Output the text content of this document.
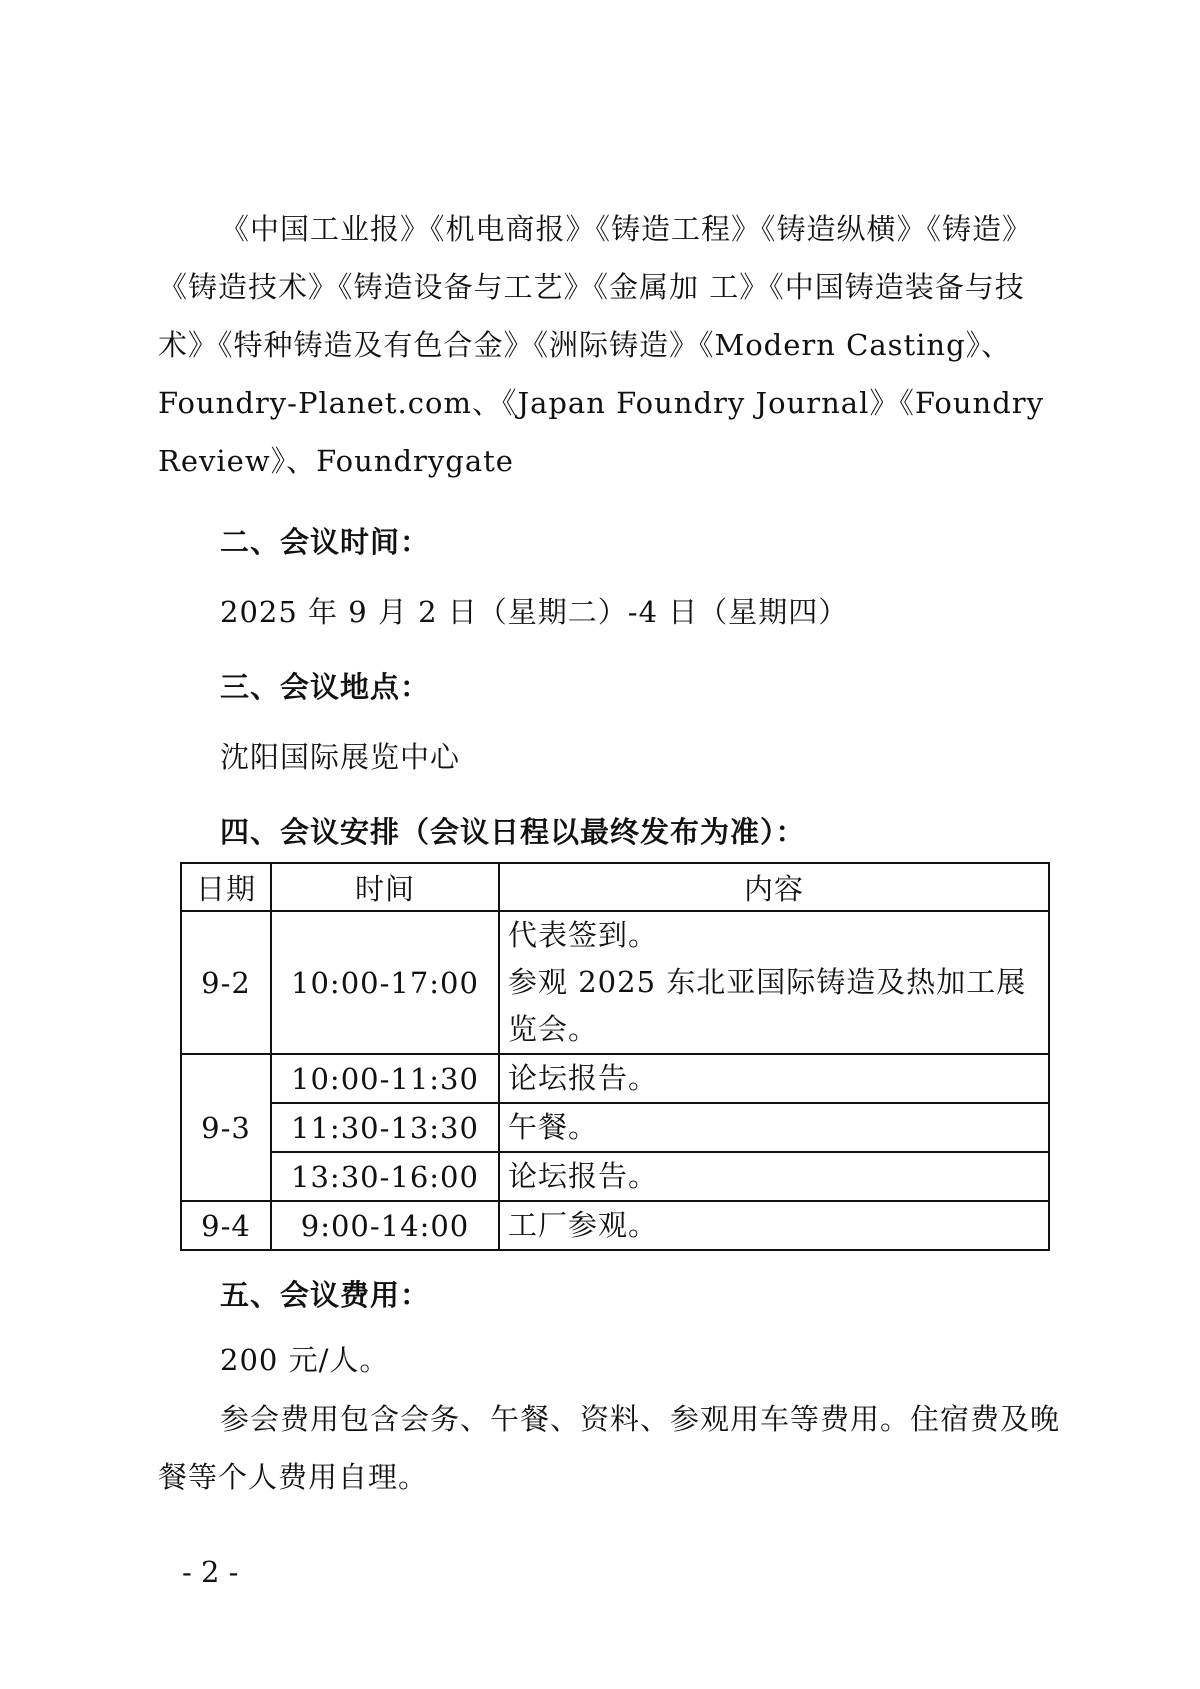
《中国工业报》《机电商报》《铸造工程》《铸造纵横》《铸造》《铸造技术》《铸造设备与工艺》《金属加 工》《中国铸造装备与技术》《特种铸造及有色合金》《洲际铸造》《Modern Casting》、Foundry-Planet.com、《Japan Foundry Journal》《Foundry Review》、Foundrygate

二、会议时间：

2025 年 9 月 2 日（星期二）-4 日（星期四）

三、会议地点：

沈阳国际展览中心

四、会议安排（会议日程以最终发布为准）：

日期	时间	内容
9-2	10:00-17:00	代表签到。
参观 2025 东北亚国际铸造及热加工展览会。

9-3	10:00-11:30	论坛报告。
	11:30-13:30	午餐。
	13:30-16:00	论坛报告。
9-4	9:00-14:00	工厂参观。

五、会议费用：

200 元/人。

参会费用包含会务、午餐、资料、参观用车等费用。住宿费及晚餐等个人费用自理。

- 2 -
